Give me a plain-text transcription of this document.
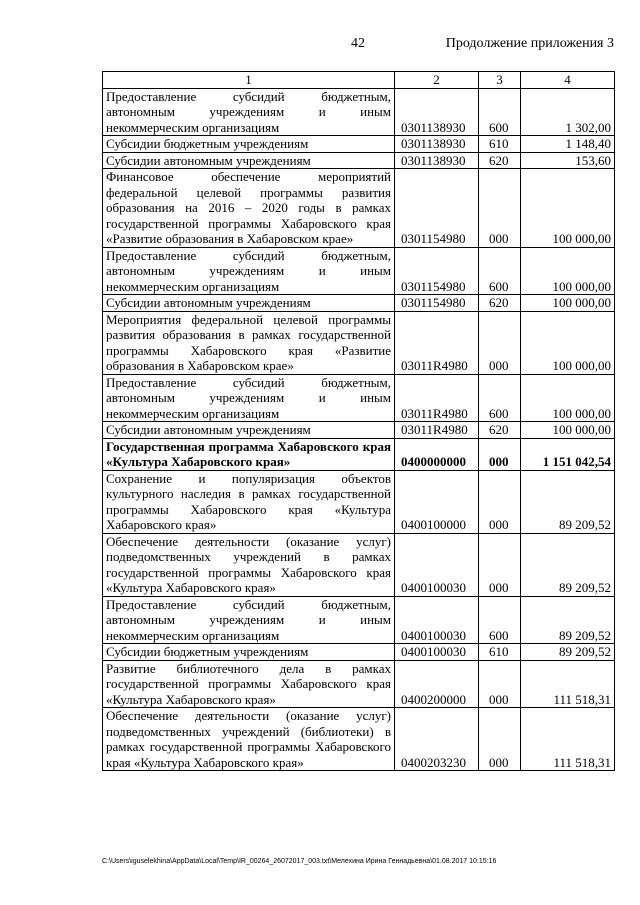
42	Продолжение приложения 3
1	2	3	4
Предоставление субсидий бюджетным, автономным учреждениям и иным некоммерческим организациям	0301138930	600	1 302,00
Субсидии бюджетным учреждениям	0301138930	610	1 148,40
Субсидии автономным учреждениям	0301138930	620	153,60
Финансовое обеспечение мероприятий федеральной целевой программы развития образования на 2016 – 2020 годы в рамках государственной программы Хабаровского края «Развитие образования в Хабаровском крае»	0301154980	000	100 000,00
Предоставление субсидий бюджетным, автономным учреждениям и иным некоммерческим организациям	0301154980	600	100 000,00
Субсидии автономным учреждениям	0301154980	620	100 000,00
Мероприятия федеральной целевой программы развития образования в рамках государственной программы Хабаровского края «Развитие образования в Хабаровском крае»	03011R4980	000	100 000,00
Предоставление субсидий бюджетным, автономным учреждениям и иным некоммерческим организациям	03011R4980	600	100 000,00
Субсидии автономным учреждениям	03011R4980	620	100 000,00
Государственная программа Хабаровского края «Культура Хабаровского края»	0400000000	000	1 151 042,54
Сохранение и популяризация объектов культурного наследия в рамках государственной программы Хабаровского края «Культура Хабаровского края»	0400100000	000	89 209,52
Обеспечение деятельности (оказание услуг) подведомственных учреждений в рамках государственной программы Хабаровского края «Культура Хабаровского края»	0400100030	000	89 209,52
Предоставление субсидий бюджетным, автономным учреждениям и иным некоммерческим организациям	0400100030	600	89 209,52
Субсидии бюджетным учреждениям	0400100030	610	89 209,52
Развитие библиотечного дела в рамках государственной программы Хабаровского края «Культура Хабаровского края»	0400200000	000	111 518,31
Обеспечение деятельности (оказание услуг) подведомственных учреждений (библиотеки) в рамках государственной программы Хабаровского края «Культура Хабаровского края»	0400203230	000	111 518,31
C:\Users\iguselekhina\AppData\Local\Temp\IR_00264_26072017_003.txt\Мелехина Ирина Геннадьевна\01.08.2017 10:15:16
